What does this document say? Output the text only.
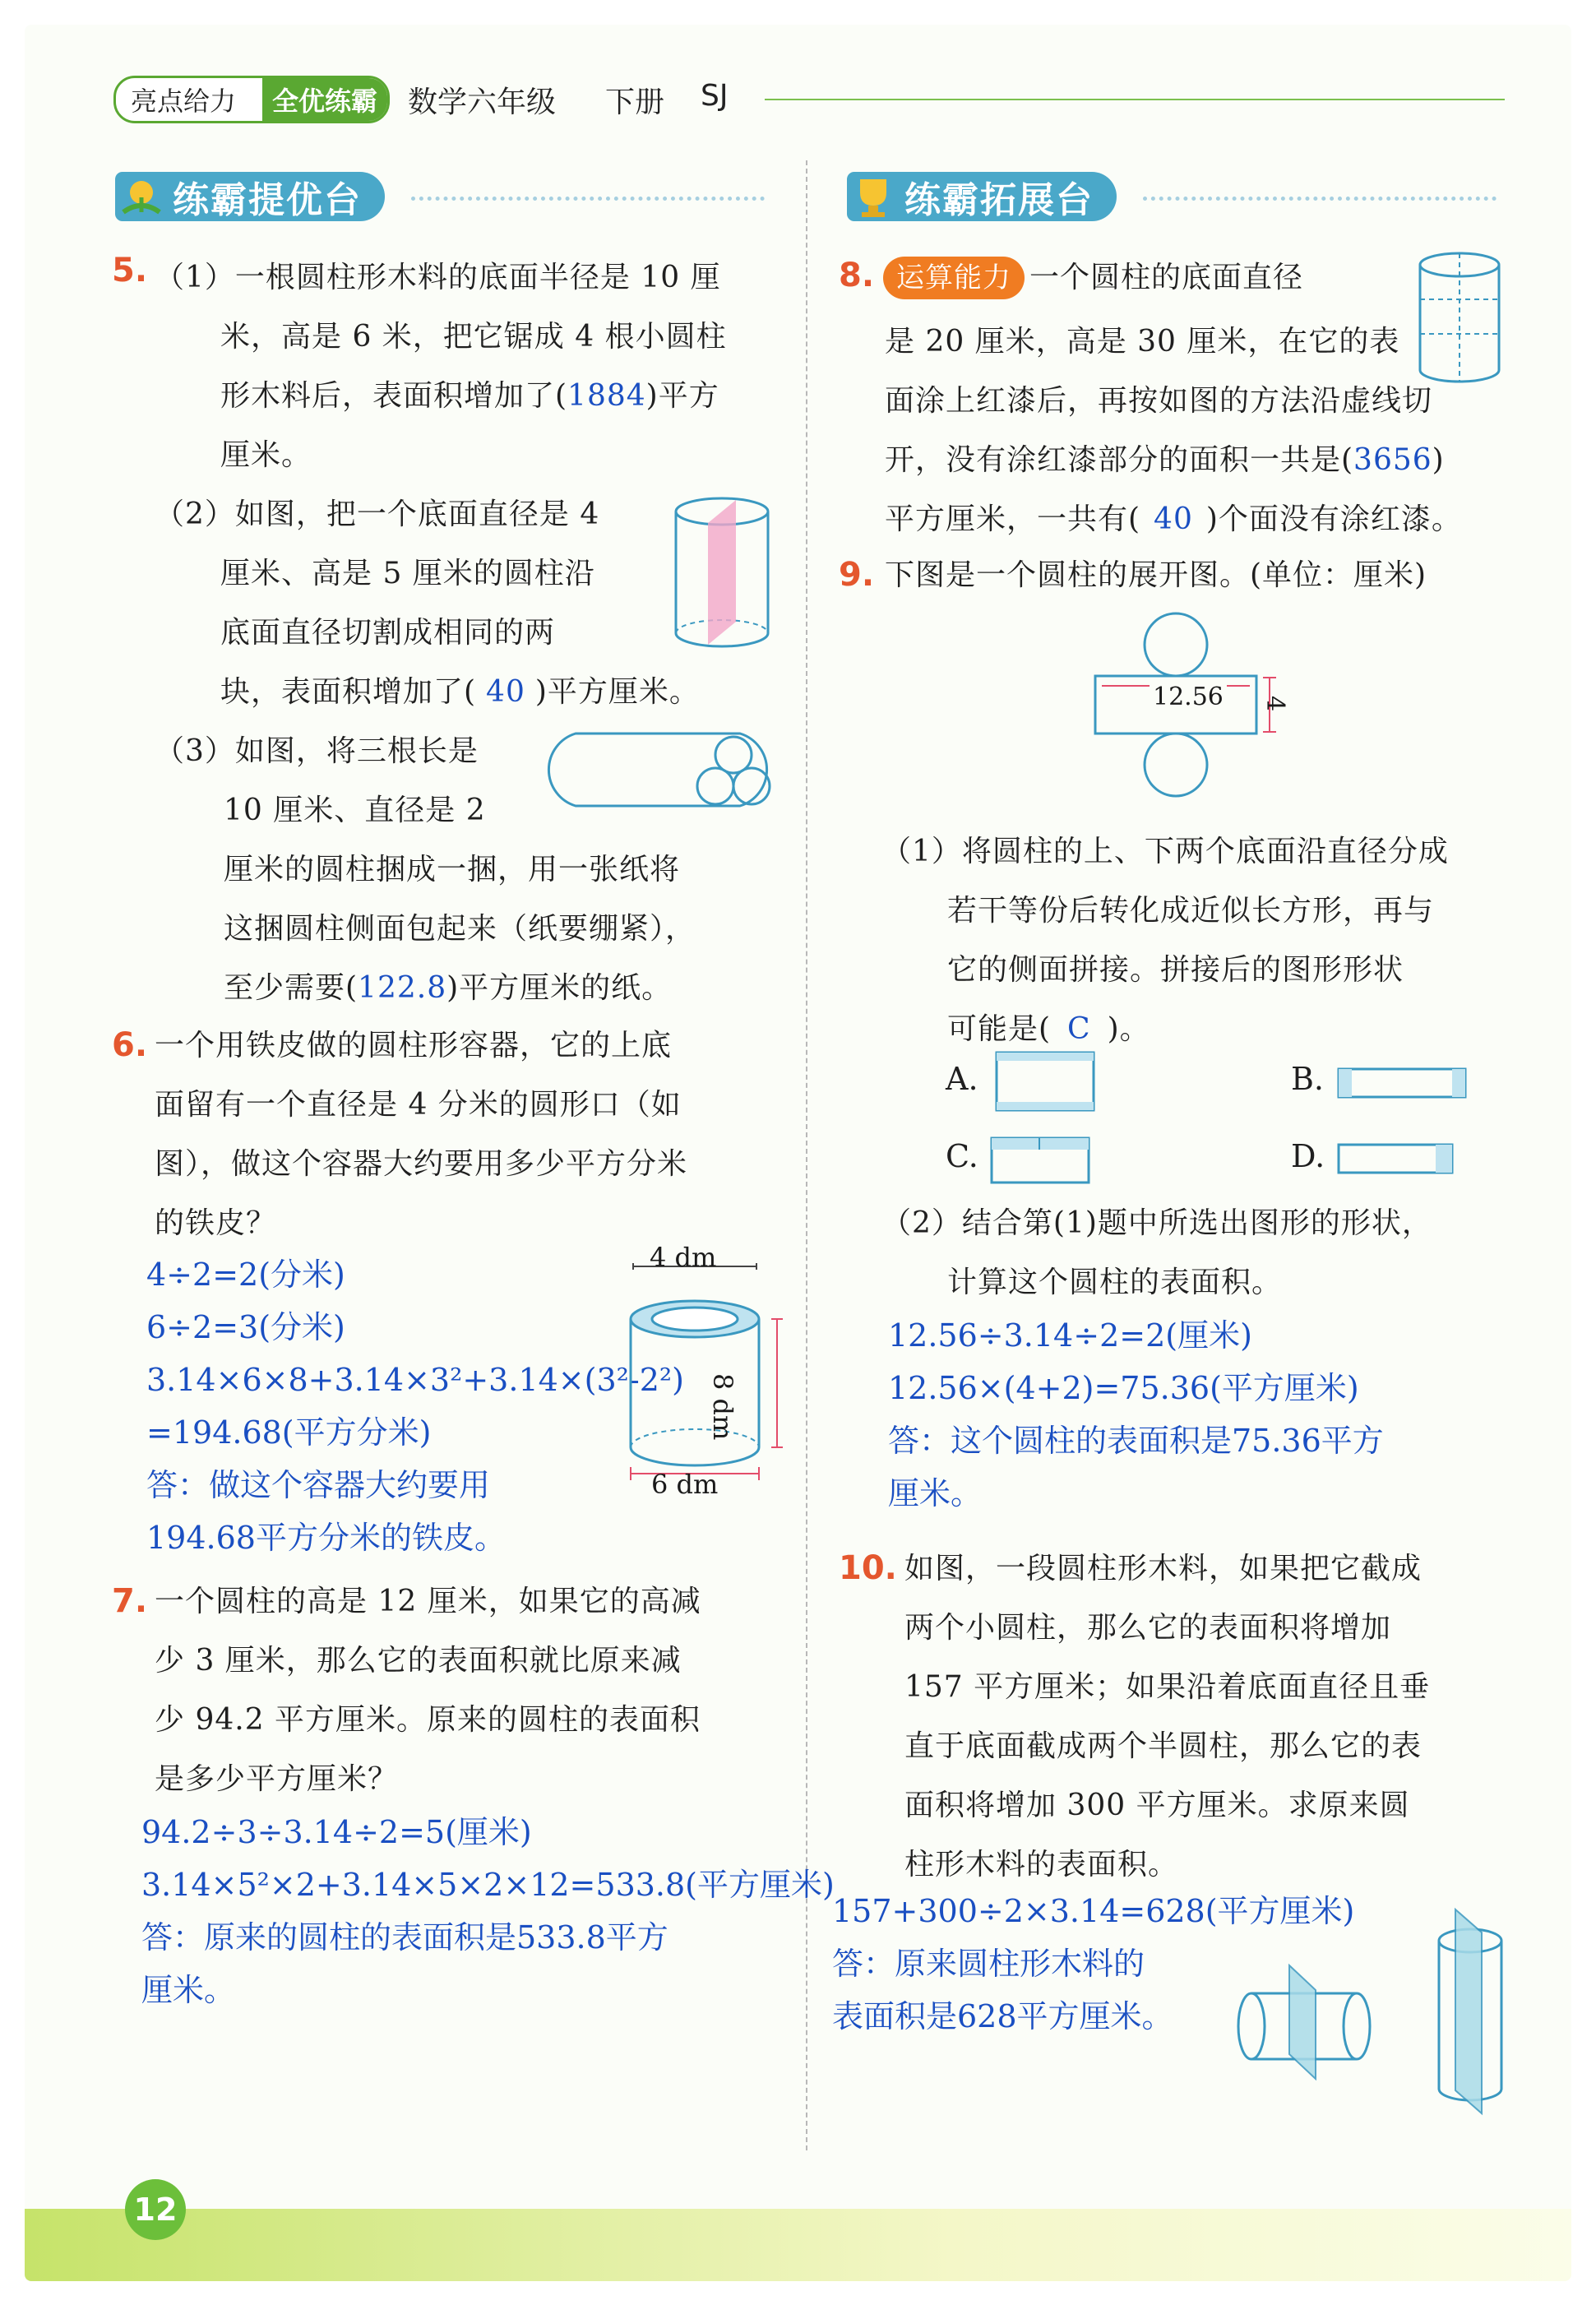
亮点给力	全优练霸	数学六年级 下册 SJ
练霸提优台	练霸拓展台
5. （1）一根圆柱形木料的底面半径是 10 厘
米，高是 6 米，把它锯成 4 根小圆柱
形木料后，表面积增加了(1884)平方
厘米。
（2）如图，把一个底面直径是 4
厘米、高是 5 厘米的圆柱沿
底面直径切割成相同的两
块，表面积增加了( 40 )平方厘米。
（3）如图，将三根长是
10 厘米、直径是 2
厘米的圆柱捆成一捆，用一张纸将
这捆圆柱侧面包起来（纸要绷紧），
至少需要(122.8)平方厘米的纸。
6. 一个用铁皮做的圆柱形容器，它的上底
面留有一个直径是 4 分米的圆形口（如
图），做这个容器大约要用多少平方分米
的铁皮？
4÷2=2(分米)
6÷2=3(分米)
3.14×6×8+3.14×3²+3.14×(3²-2²)
=194.68(平方分米)
答：做这个容器大约要用
194.68平方分米的铁皮。
4 dm
8 dm
6 dm
7. 一个圆柱的高是 12 厘米，如果它的高减
少 3 厘米，那么它的表面积就比原来减
少 94.2 平方厘米。原来的圆柱的表面积
是多少平方厘米？
94.2÷3÷3.14÷2=5(厘米)
3.14×5²×2+3.14×5×2×12=533.8(平方厘米)
答：原来的圆柱的表面积是533.8平方
厘米。
8. 运算能力 一个圆柱的底面直径
是 20 厘米，高是 30 厘米，在它的表
面涂上红漆后，再按如图的方法沿虚线切
开，没有涂红漆部分的面积一共是(3656)
平方厘米，一共有( 40 )个面没有涂红漆。
9. 下图是一个圆柱的展开图。(单位：厘米)
12.56 4
（1）将圆柱的上、下两个底面沿直径分成
若干等份后转化成近似长方形，再与
它的侧面拼接。拼接后的图形形状
可能是( C )。
A.	B.
C.	D.
（2）结合第(1)题中所选出图形的形状，
计算这个圆柱的表面积。
12.56÷3.14÷2=2(厘米)
12.56×(4+2)=75.36(平方厘米)
答：这个圆柱的表面积是75.36平方
厘米。
10. 如图，一段圆柱形木料，如果把它截成
两个小圆柱，那么它的表面积将增加
157 平方厘米；如果沿着底面直径且垂
直于底面截成两个半圆柱，那么它的表
面积将增加 300 平方厘米。求原来圆
柱形木料的表面积。
157+300÷2×3.14=628(平方厘米)
答：原来圆柱形木料的
表面积是628平方厘米。
12
